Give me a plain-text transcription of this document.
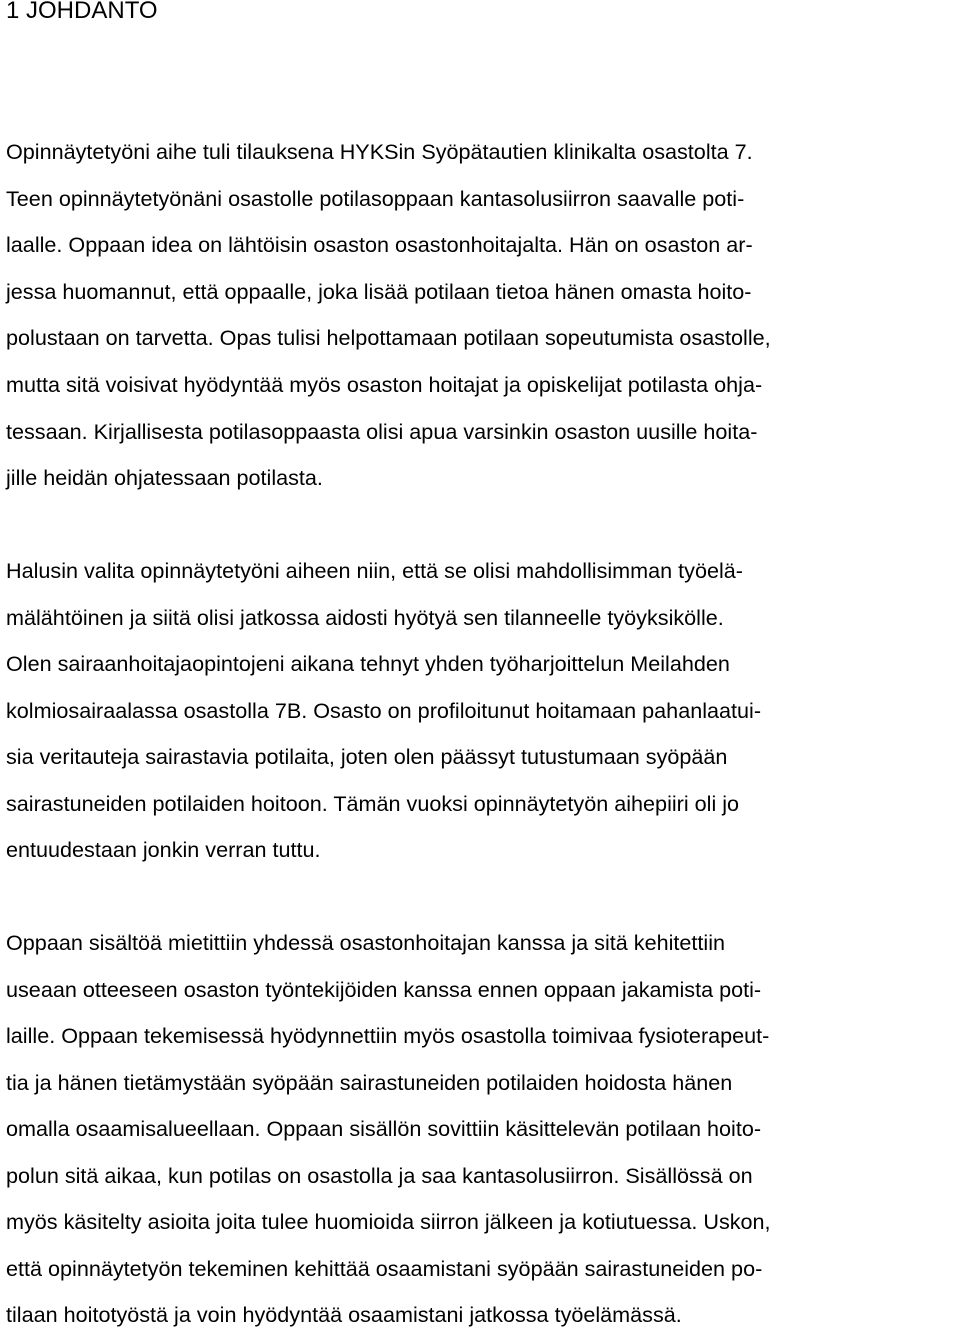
1 JOHDANTO
Opinnäytetyöni aihe tuli tilauksena HYKSin Syöpätautien klinikalta osastolta 7.
Teen opinnäytetyönäni osastolle potilasoppaan kantasolusiirron saavalle poti-
laalle. Oppaan idea on lähtöisin osaston osastonhoitajalta. Hän on osaston ar-
jessa huomannut, että oppaalle, joka lisää potilaan tietoa hänen omasta hoito-
polustaan on tarvetta. Opas tulisi helpottamaan potilaan sopeutumista osastolle,
mutta sitä voisivat hyödyntää myös osaston hoitajat ja opiskelijat potilasta ohja-
tessaan. Kirjallisesta potilasoppaasta olisi apua varsinkin osaston uusille hoita-
jille heidän ohjatessaan potilasta.
Halusin valita opinnäytetyöni aiheen niin, että se olisi mahdollisimman työelä-
mälähtöinen ja siitä olisi jatkossa aidosti hyötyä sen tilanneelle työyksikölle.
Olen sairaanhoitajaopintojeni aikana tehnyt yhden työharjoittelun Meilahden
kolmiosairaalassa osastolla 7B. Osasto on profiloitunut hoitamaan pahanlaatui-
sia veritauteja sairastavia potilaita, joten olen päässyt tutustumaan syöpään
sairastuneiden potilaiden hoitoon. Tämän vuoksi opinnäytetyön aihepiiri oli jo
entuudestaan jonkin verran tuttu.
Oppaan sisältöä mietittiin yhdessä osastonhoitajan kanssa ja sitä kehitettiin
useaan otteeseen osaston työntekijöiden kanssa ennen oppaan jakamista poti-
laille. Oppaan tekemisessä hyödynnettiin myös osastolla toimivaa fysioterapeut-
tia ja hänen tietämystään syöpään sairastuneiden potilaiden hoidosta hänen
omalla osaamisalueellaan. Oppaan sisällön sovittiin käsittelevän potilaan hoito-
polun sitä aikaa, kun potilas on osastolla ja saa kantasolusiirron. Sisällössä on
myös käsitelty asioita joita tulee huomioida siirron jälkeen ja kotiutuessa. Uskon,
että opinnäytetyön tekeminen kehittää osaamistani syöpään sairastuneiden po-
tilaan hoitotyöstä ja voin hyödyntää osaamistani jatkossa työelämässä.
